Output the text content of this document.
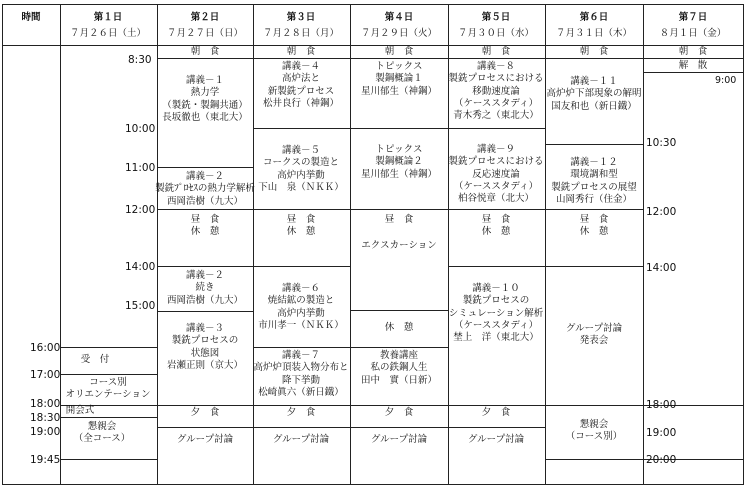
時間	第１日
７月２６日（土）
第２日
７月２７日（日）
第３日
７月２８日（月）
第４日
７月２９日（火）
第５日
７月３０日（水）
第６日
７月３１日（木）
第７日
８月１日（金）
16:00
17:00
18:00
18:30
19:00
19:45
8:30
10:00
11:00
12:00
14:00
15:00
9:00
10:30
12:00
14:00
18:00
19:00
20:00
受　付
コース別
オリエンテーション
開会式
懇親会
（全コース）
朝　食
講義－１
熱力学
（製銑・製鋼共通）
長坂徹也（東北大）
講義－２
製銑ﾌﾟﾛｾｽの熱力学解析
西岡浩樹（九大）
昼　食
休　憩
講義－２
続き
西岡浩樹（九大）
講義－３
製銑プロセスの
状態図
岩瀬正則（京大）
夕　食
グループ討論
朝　食
講義－４
高炉法と
新製銑プロセス
松井良行（神鋼）
講義－５
コークスの製造と
高炉内挙動
下山　泉（ＮＫＫ）
昼　食
休　憩
講義－６
焼結鉱の製造と
高炉内挙動
市川孝一（ＮＫＫ）
講義－７
高炉炉頂装入物分布と
降下挙動
松崎眞六（新日鐵）
夕　食
グループ討論
朝　食
トピックス
製鋼概論１
星川郁生（神鋼）
トピックス
製鋼概論２
星川郁生（神鋼）
昼　食
エクスカーション
休　憩
教養講座
私の鉄鋼人生
田中　實（日新）
夕　食
グループ討論
朝　食
講義－８
製銑プロセスにおける
移動速度論
（ケーススタディ）
青木秀之（東北大）
講義－９
製銑プロセスにおける
反応速度論
（ケーススタディ）
柏谷悦章（北大）
昼　食
休　憩
講義－１０
製銑プロセスの
シミュレーション解析
（ケーススタディ）
埜上　洋（東北大）
夕　食
グループ討論
朝　食
講義－１１
高炉炉下部現象の解明
国友和也（新日鐵）
講義－１２
環境調和型
製銑プロセスの展望
山岡秀行（住金）
昼　食
休　憩
グループ討論
発表会
懇親会
（コース別）
朝　食
解　散
